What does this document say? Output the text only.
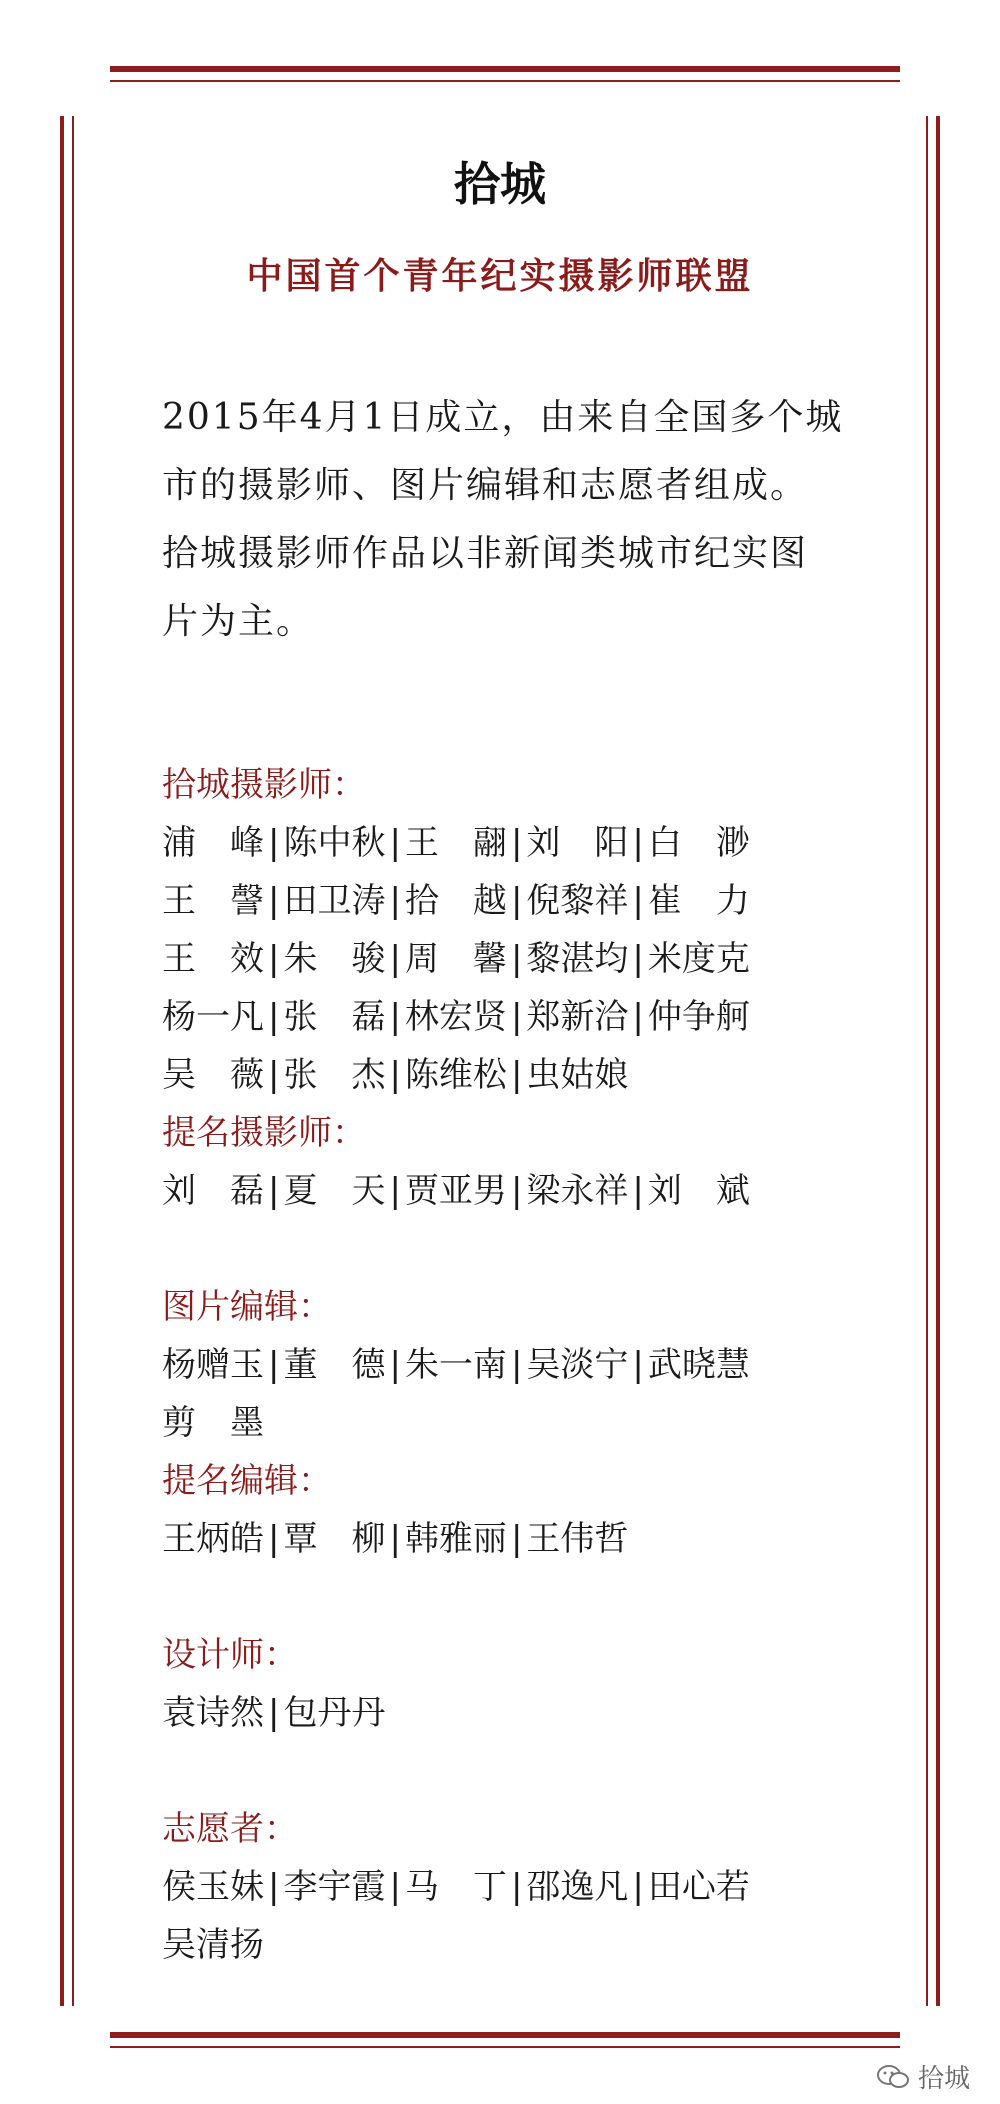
拾城
中国首个青年纪实摄影师联盟

2015年4月1日成立，由来自全国多个城

市的摄影师、图片编辑和志愿者组成。

拾城摄影师作品以非新闻类城市纪实图

片为主。

拾城摄影师：
浦　峰 | 陈中秋 | 王　翮 | 刘　阳 | 白　渺
王　謦 | 田卫涛 | 拾　越 | 倪黎祥 | 崔　力
王　效 | 朱　骏 | 周　馨 | 黎湛均 | 米度克
杨一凡 | 张　磊 | 林宏贤 | 郑新洽 | 仲争舸
吴　薇 | 张　杰 | 陈维松 | 虫姑娘
提名摄影师：
刘　磊 | 夏　天 | 贾亚男 | 梁永祥 | 刘　斌
图片编辑：
杨赠玉 | 董　德 | 朱一南 | 吴淡宁 | 武晓慧
剪　墨
提名编辑：
王炳皓 | 覃　柳 | 韩雅丽 | 王伟哲
设计师：
袁诗然 | 包丹丹
志愿者：
侯玉妹 | 李宇霞 | 马　丁 | 邵逸凡 | 田心若
吴清扬
拾城
